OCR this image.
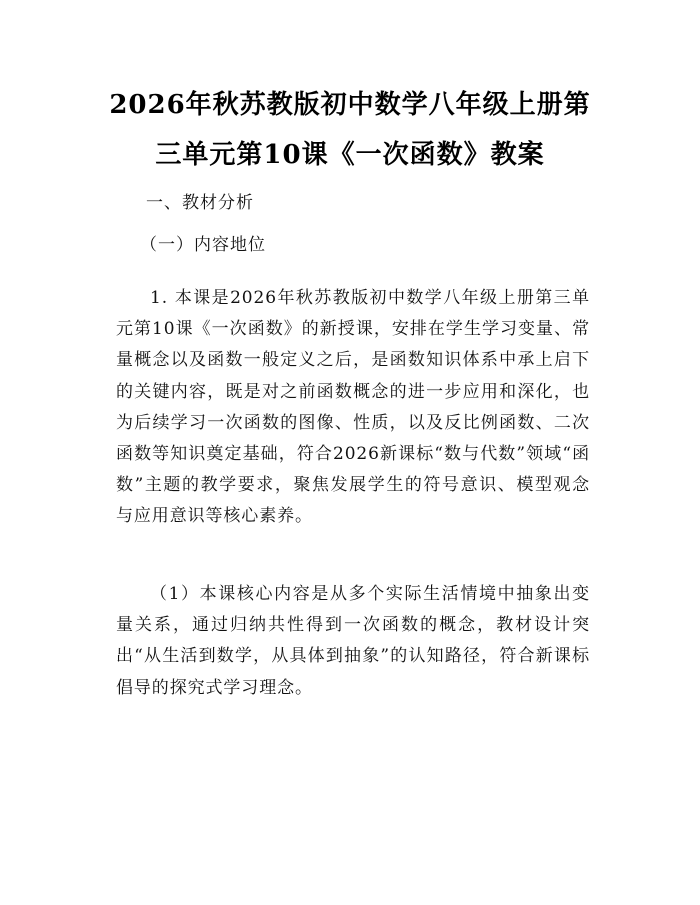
2026年秋苏教版初中数学八年级上册第三单元第10课《一次函数》教案

一、教材分析

（一）内容地位

1. 本课是2026年秋苏教版初中数学八年级上册第三单元第10课《一次函数》的新授课，安排在学生学习变量、常量概念以及函数一般定义之后，是函数知识体系中承上启下的关键内容，既是对之前函数概念的进一步应用和深化，也为后续学习一次函数的图像、性质，以及反比例函数、二次函数等知识奠定基础，符合2026新课标“数与代数”领域“函数”主题的教学要求，聚焦发展学生的符号意识、模型观念与应用意识等核心素养。

（1）本课核心内容是从多个实际生活情境中抽象出变量关系，通过归纳共性得到一次函数的概念，教材设计突出“从生活到数学，从具体到抽象”的认知路径，符合新课标倡导的探究式学习理念。
